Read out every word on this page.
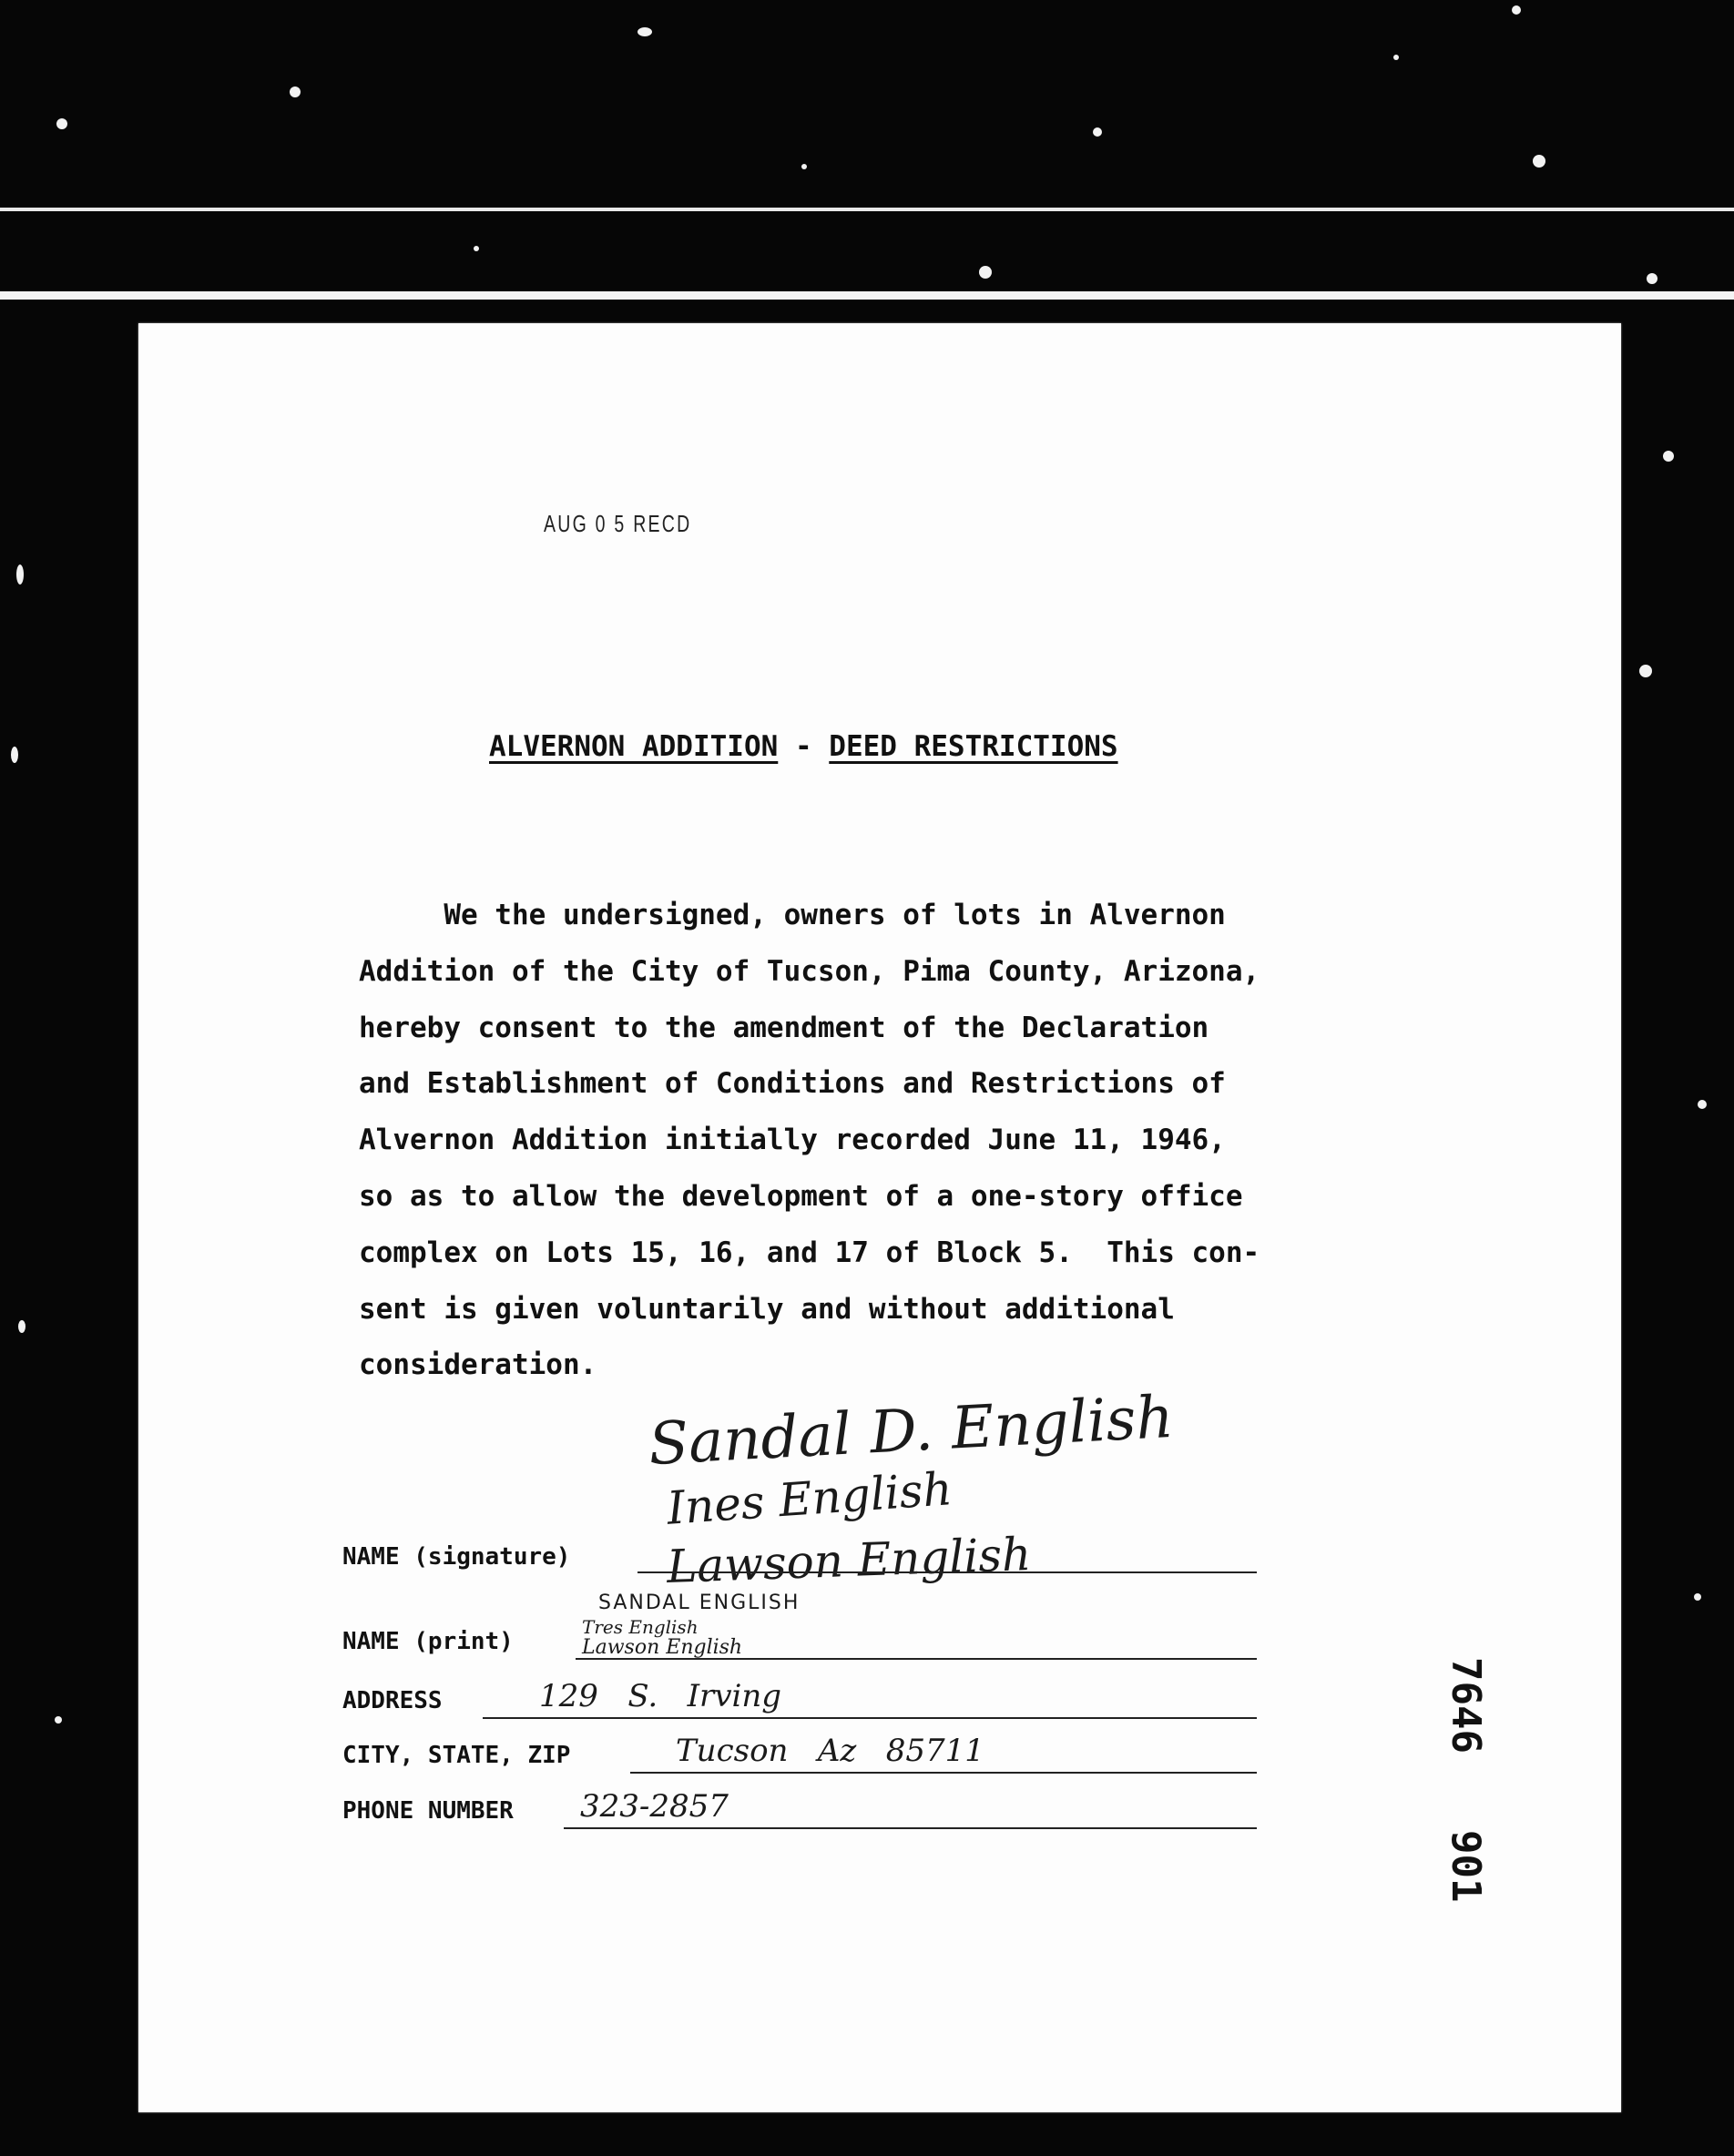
AUG 0 5 RECD
ALVERNON ADDITION - DEED RESTRICTIONS
We the undersigned, owners of lots in Alvernon
Addition of the City of Tucson, Pima County, Arizona,
hereby consent to the amendment of the Declaration
and Establishment of Conditions and Restrictions of
Alvernon Addition initially recorded June 11, 1946,
so as to allow the development of a one-story office
complex on Lots 15, 16, and 17 of Block 5.  This con-
sent is given voluntarily and without additional
consideration.
Sandal D. English
Ines English
Lawson English
NAME (signature)
SANDAL ENGLISH
Tres English
Lawson English
NAME (print)
ADDRESS	129   S.   Irving
CITY, STATE, ZIP	Tucson   Az   85711
PHONE NUMBER 323-2857
7646
901
